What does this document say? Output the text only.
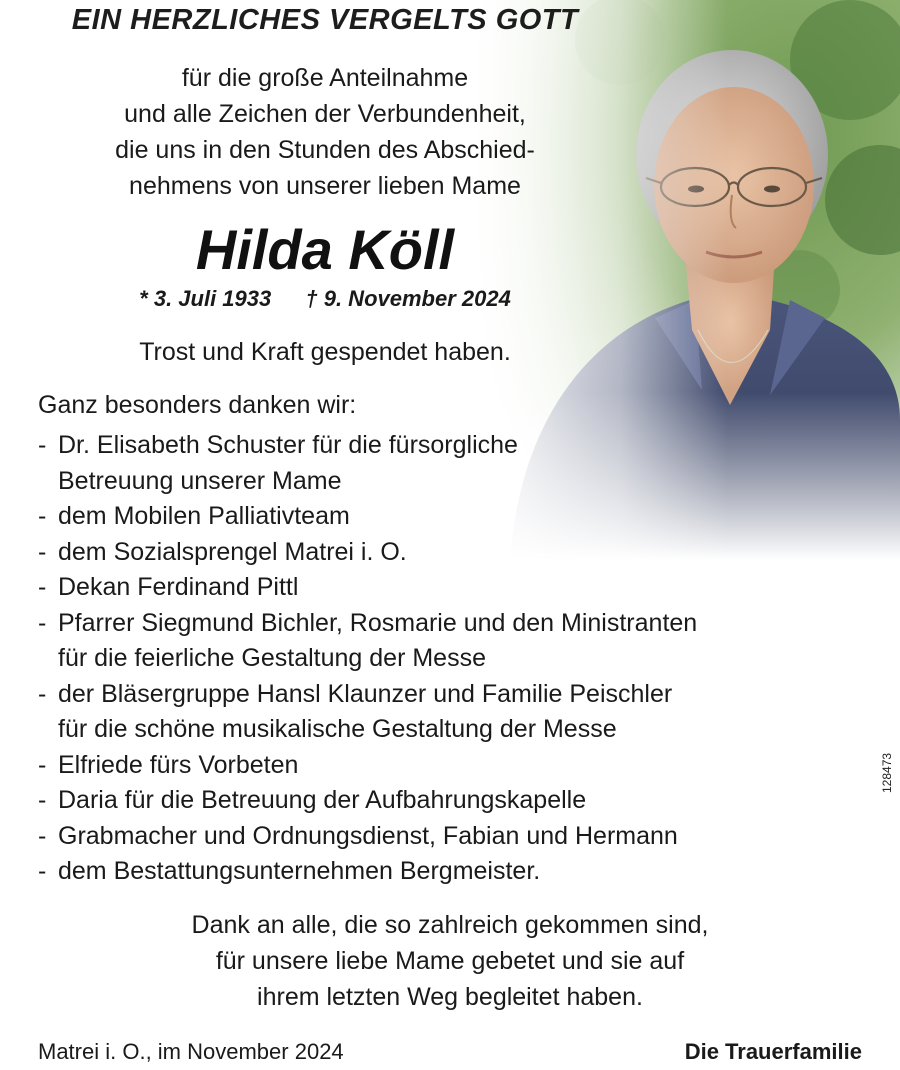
EIN HERZLICHES VERGELTS GOTT
für die große Anteilnahme
und alle Zeichen der Verbundenheit,
die uns in den Stunden des Abschied-
nehmens von unserer lieben Mame
Hilda Köll
* 3. Juli 1933 † 9. November 2024
Trost und Kraft gespendet haben.
Ganz besonders danken wir:
- Dr. Elisabeth Schuster für die fürsorgliche
Betreuung unserer Mame
- dem Mobilen Palliativteam
- dem Sozialsprengel Matrei i. O.
- Dekan Ferdinand Pittl
- Pfarrer Siegmund Bichler, Rosmarie und den Ministranten
für die feierliche Gestaltung der Messe
- der Bläsergruppe Hansl Klaunzer und Familie Peischler
für die schöne musikalische Gestaltung der Messe
- Elfriede fürs Vorbeten
- Daria für die Betreuung der Aufbahrungskapelle
- Grabmacher und Ordnungsdienst, Fabian und Hermann
- dem Bestattungsunternehmen Bergmeister.
Dank an alle, die so zahlreich gekommen sind,
für unsere liebe Mame gebetet und sie auf
ihrem letzten Weg begleitet haben.
Matrei i. O., im November 2024	Die Trauerfamilie
128473
